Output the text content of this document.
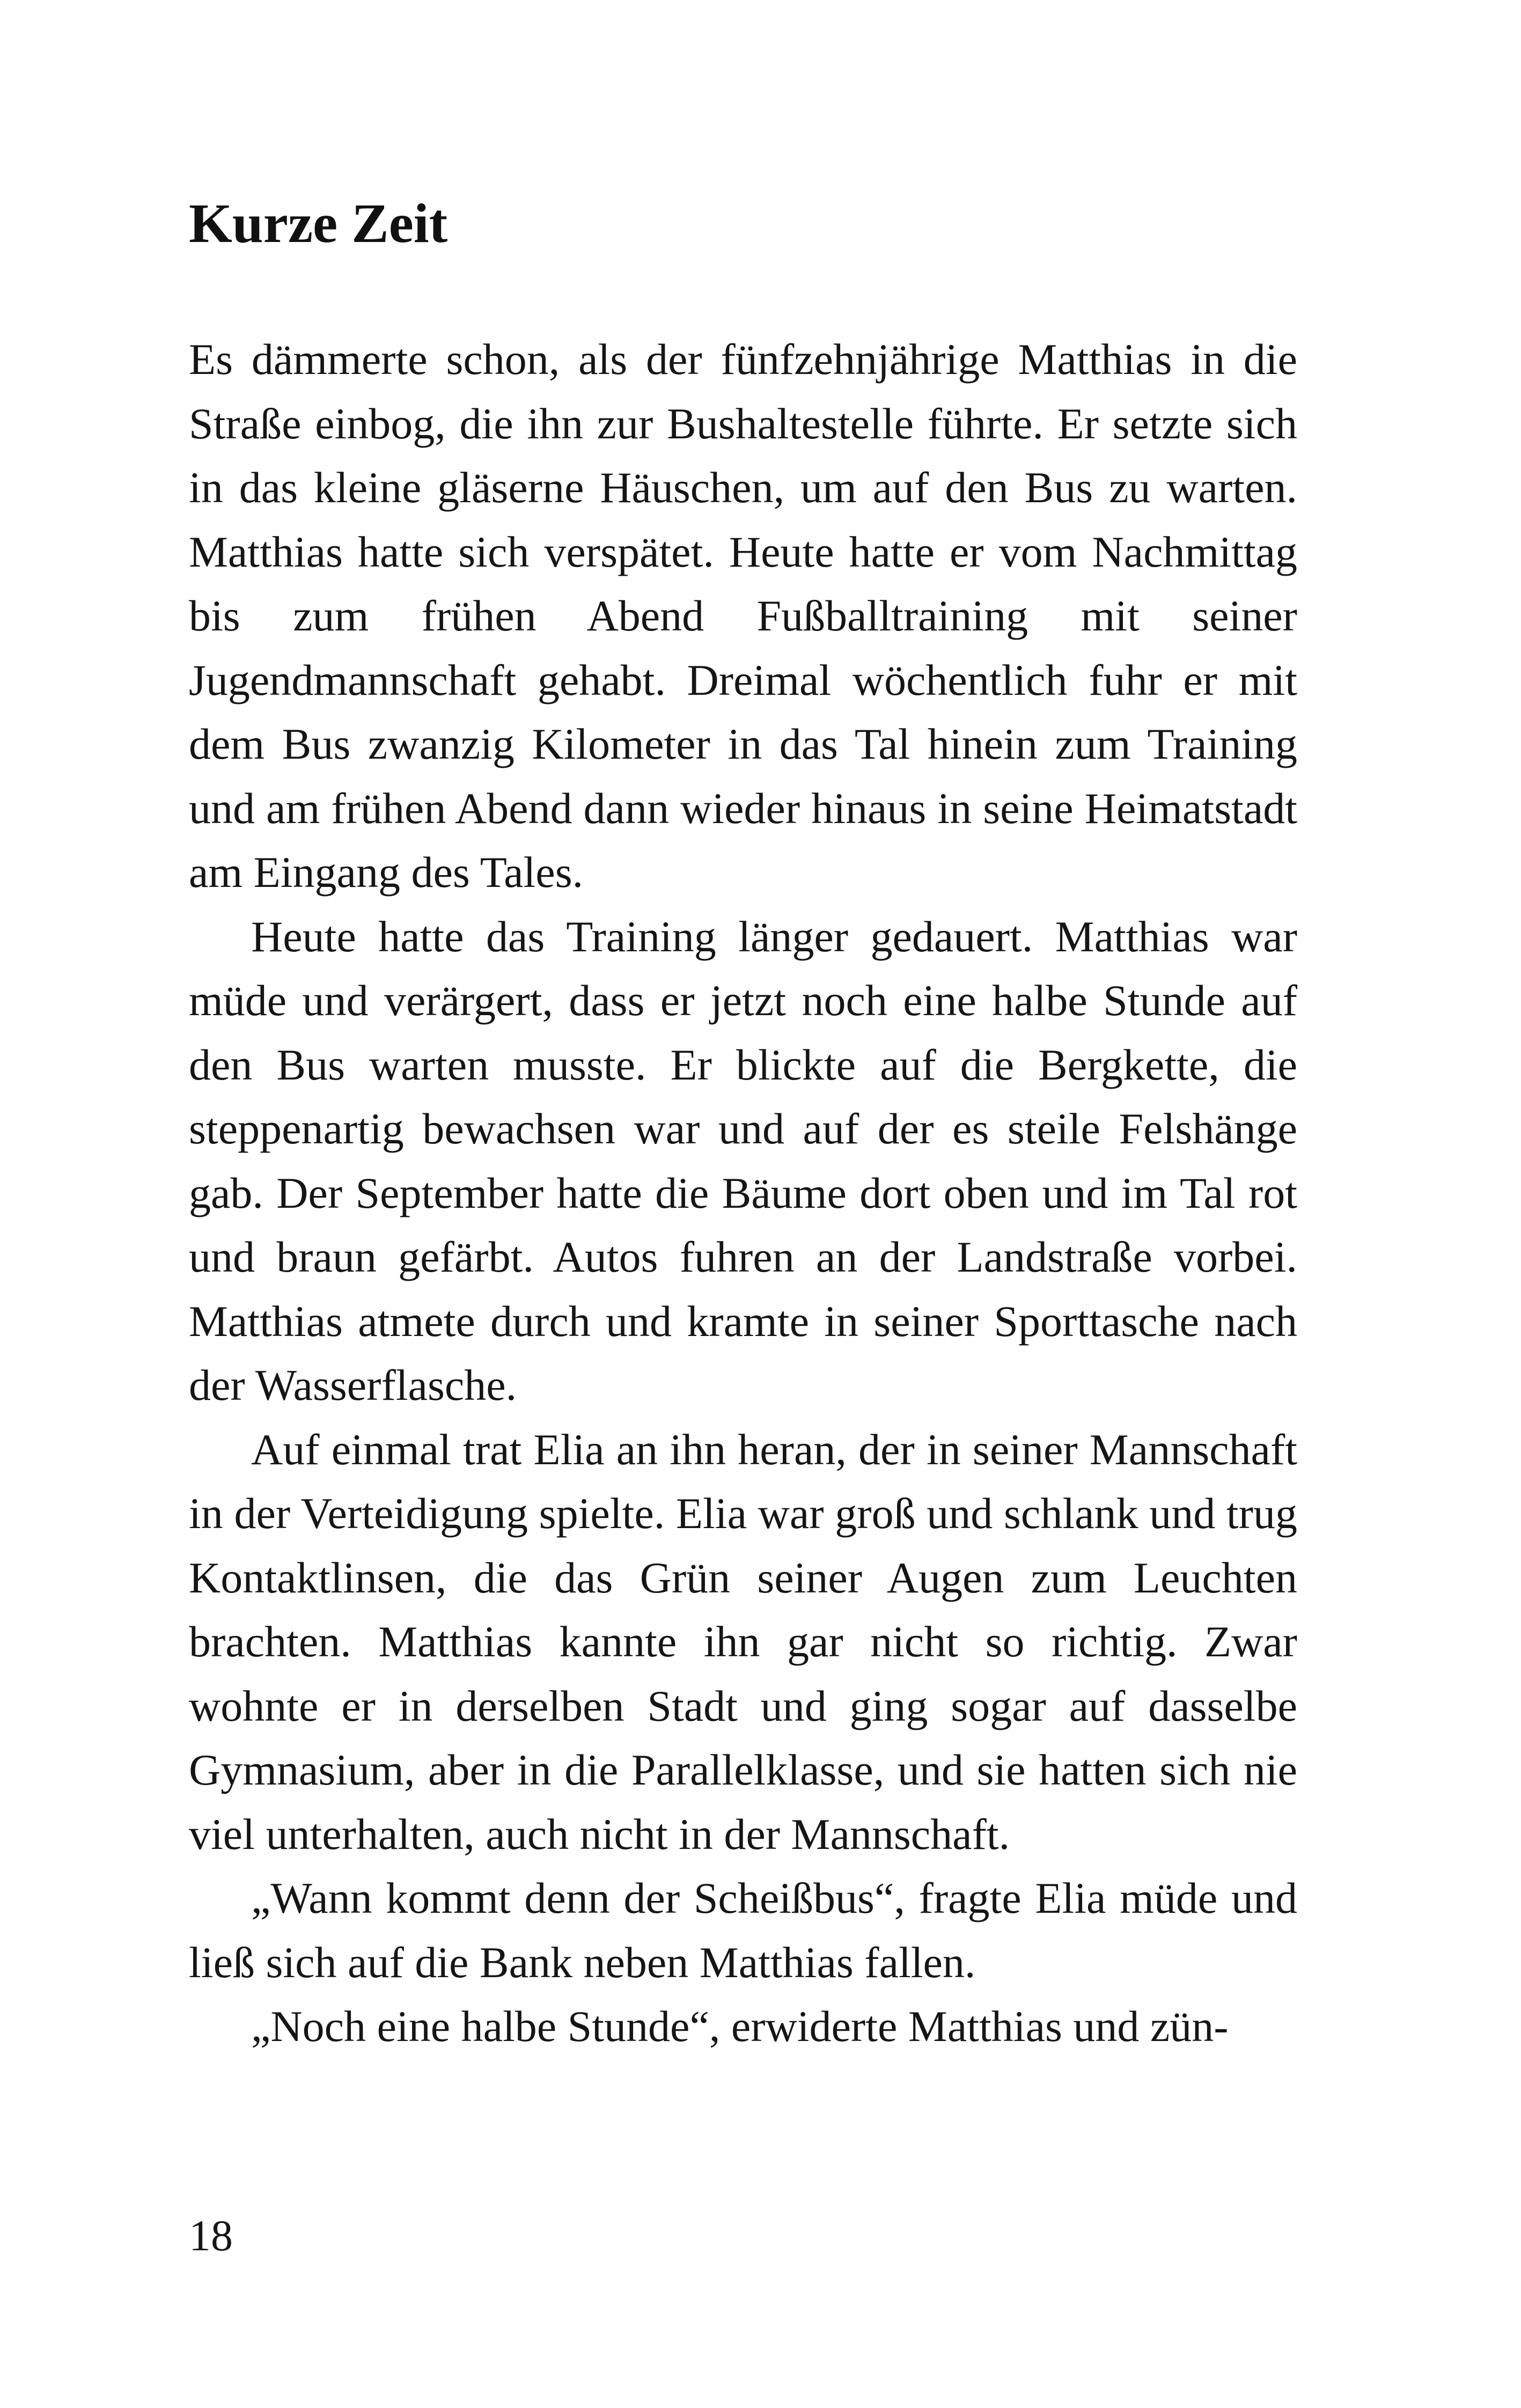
Kurze Zeit

Es dämmerte schon, als der fünfzehnjährige Matthias in die Straße einbog, die ihn zur Bushaltestelle führte. Er setzte sich in das kleine gläserne Häuschen, um auf den Bus zu warten. Matthias hatte sich verspätet. Heute hatte er vom Nachmittag bis zum frühen Abend Fußballtraining mit seiner Jugendmannschaft gehabt. Dreimal wöchentlich fuhr er mit dem Bus zwanzig Kilometer in das Tal hinein zum Training und am frühen Abend dann wieder hinaus in seine Heimatstadt am Eingang des Tales.

Heute hatte das Training länger gedauert. Matthias war müde und verärgert, dass er jetzt noch eine halbe Stunde auf den Bus warten musste. Er blickte auf die Bergkette, die steppenartig bewachsen war und auf der es steile Felshänge gab. Der September hatte die Bäume dort oben und im Tal rot und braun gefärbt. Autos fuhren an der Landstraße vorbei. Matthias atmete durch und kramte in seiner Sporttasche nach der Wasserflasche.

Auf einmal trat Elia an ihn heran, der in seiner Mannschaft in der Verteidigung spielte. Elia war groß und schlank und trug Kontaktlinsen, die das Grün seiner Augen zum Leuchten brachten. Matthias kannte ihn gar nicht so richtig. Zwar wohnte er in derselben Stadt und ging sogar auf dasselbe Gymnasium, aber in die Parallelklasse, und sie hatten sich nie viel unterhalten, auch nicht in der Mannschaft.

„Wann kommt denn der Scheißbus“, fragte Elia müde und ließ sich auf die Bank neben Matthias fallen.

„Noch eine halbe Stunde“, erwiderte Matthias und zün-

18
